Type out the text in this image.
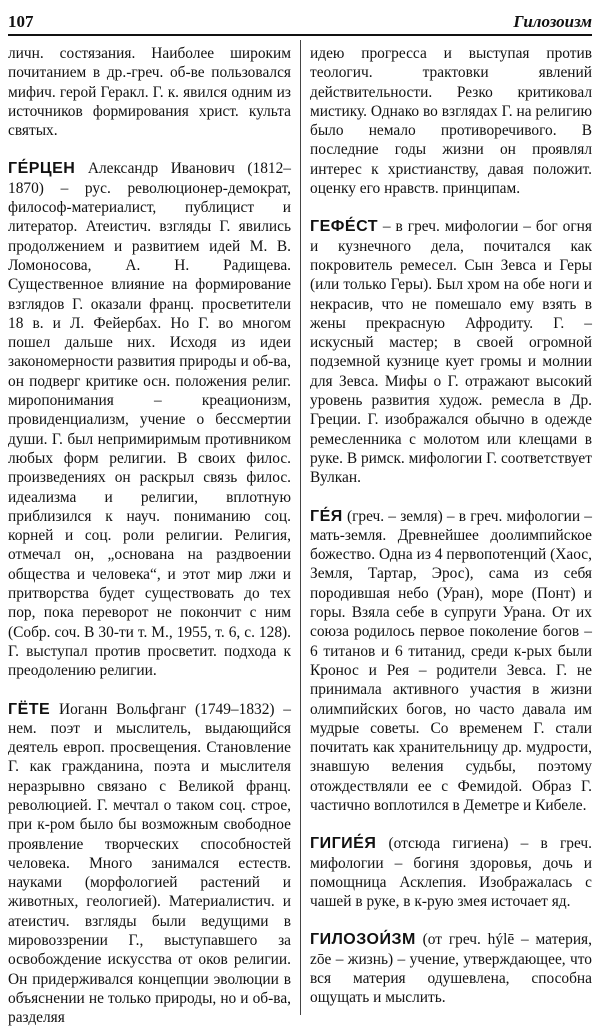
107	Гилозоизм

личн. состязания. Наиболее широким почитанием в др.-греч. об-ве пользовался мифич. герой Геракл. Г. к. явился одним из источников формирования христ. культа святых.

ГЕ́РЦЕН Александр Иванович (1812–1870) – рус. революционер-демократ, философ-материалист, публицист и литератор. Атеистич. взгляды Г. явились продолжением и развитием идей М. В. Ломоносова, А. Н. Радищева. Существенное влияние на формирование взглядов Г. оказали франц. просветители 18 в. и Л. Фейербах. Но Г. во многом пошел дальше них. Исходя из идеи закономерности развития природы и об-ва, он подверг критике осн. положения религ. миропонимания – креационизм, провиденциализм, учение о бессмертии души. Г. был непримиримым противником любых форм религии. В своих филос. произведениях он раскрыл связь филос. идеализма и религии, вплотную приблизился к науч. пониманию соц. корней и соц. роли религии. Религия, отмечал он, „основана на раздвоении общества и человека“, и этот мир лжи и притворства будет существовать до тех пор, пока переворот не покончит с ним (Собр. соч. В 30-ти т. М., 1955, т. 6, с. 128). Г. выступал против просветит. подхода к преодолению религии.

ГЁТЕ Иоганн Вольфганг (1749–1832) – нем. поэт и мыслитель, выдающийся деятель европ. просвещения. Становление Г. как гражданина, поэта и мыслителя неразрывно связано с Великой франц. революцией. Г. мечтал о таком соц. строе, при к-ром было бы возможным свободное проявление творческих способностей человека. Много занимался естеств. науками (морфологией растений и животных, геологией). Материалистич. и атеистич. взгляды были ведущими в мировоззрении Г., выступавшего за освобождение искусства от оков религии. Он придерживался концепции эволюции в объяснении не только природы, но и об-ва, разделяя

идею прогресса и выступая против теологич. трактовки явлений действительности. Резко критиковал мистику. Однако во взглядах Г. на религию было немало противоречивого. В последние годы жизни он проявлял интерес к христианству, давая положит. оценку его нравств. принципам.

ГЕФЕ́СТ – в греч. мифологии – бог огня и кузнечного дела, почитался как покровитель ремесел. Сын Зевса и Геры (или только Геры). Был хром на обе ноги и некрасив, что не помешало ему взять в жены прекрасную Афродиту. Г. – искусный мастер; в своей огромной подземной кузнице кует громы и молнии для Зевса. Мифы о Г. отражают высокий уровень развития худож. ремесла в Др. Греции. Г. изображался обычно в одежде ремесленника с молотом или клещами в руке. В римск. мифологии Г. соответствует Вулкан.

ГЕ́Я (греч. – земля) – в греч. мифологии – мать-земля. Древнейшее доолимпийское божество. Одна из 4 первопотенций (Хаос, Земля, Тартар, Эрос), сама из себя породившая небо (Уран), море (Понт) и горы. Взяла себе в супруги Урана. От их союза родилось первое поколение богов – 6 титанов и 6 титанид, среди к-рых были Кронос и Рея – родители Зевса. Г. не принимала активного участия в жизни олимпийских богов, но часто давала им мудрые советы. Со временем Г. стали почитать как хранительницу др. мудрости, знавшую веления судьбы, поэтому отождествляли ее с Фемидой. Образ Г. частично воплотился в Деметре и Кибеле.

ГИГИЕ́Я (отсюда гигиена) – в греч. мифологии – богиня здоровья, дочь и помощница Асклепия. Изображалась с чашей в руке, в к-рую змея источает яд.

ГИЛОЗОИ́ЗМ (от греч. hýlē – материя, zōe – жизнь) – учение, утверждающее, что вся материя одушевлена, способна ощущать и мыслить.
